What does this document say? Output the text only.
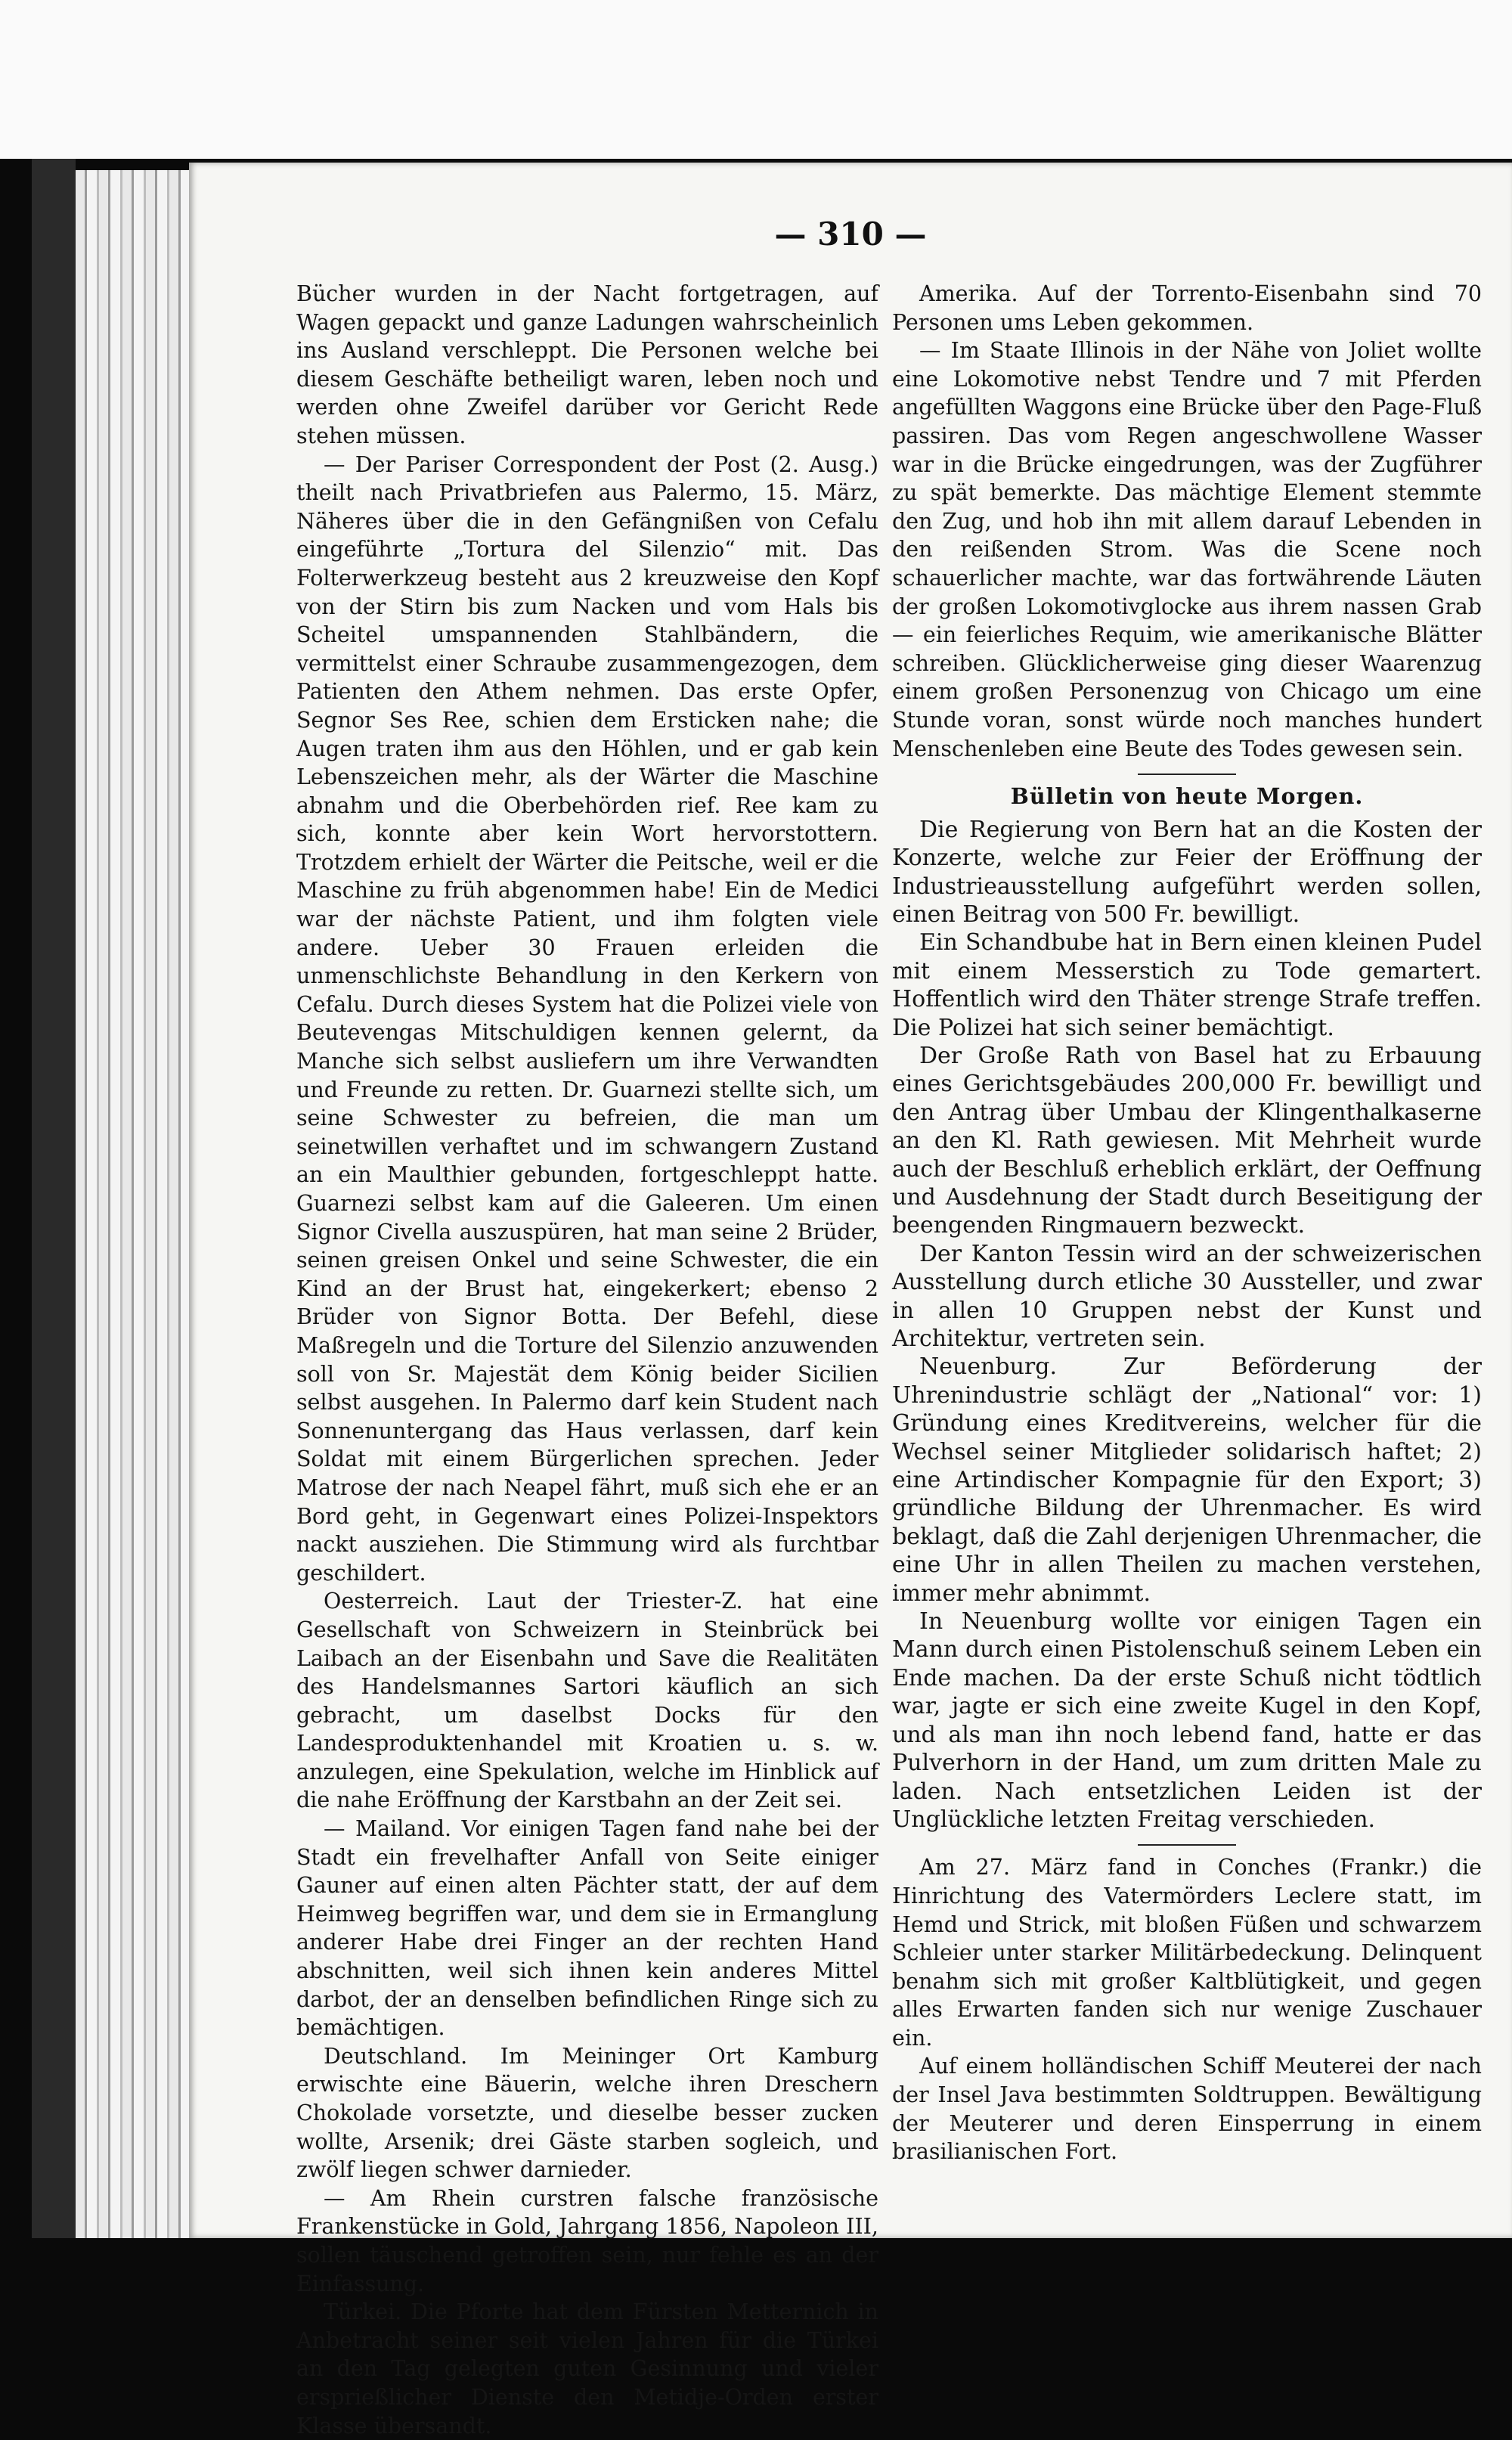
— 310 —

Bücher wurden in der Nacht fortgetragen, auf Wagen gepackt und ganze Ladungen wahrscheinlich ins Ausland verschleppt. Die Personen welche bei diesem Geschäfte betheiligt waren, leben noch und werden ohne Zweifel darüber vor Gericht Rede stehen müssen.

— Der Pariser Correspondent der Post (2. Ausg.) theilt nach Privatbriefen aus Palermo, 15. März, Näheres über die in den Gefängnißen von Cefalu eingeführte „Tortura del Silenzio“ mit. Das Folterwerkzeug besteht aus 2 kreuzweise den Kopf von der Stirn bis zum Nacken und vom Hals bis Scheitel umspannenden Stahlbändern, die vermittelst einer Schraube zusammengezogen, dem Patienten den Athem nehmen. Das erste Opfer, Segnor Ses Ree, schien dem Ersticken nahe; die Augen traten ihm aus den Höhlen, und er gab kein Lebenszeichen mehr, als der Wärter die Maschine abnahm und die Oberbehörden rief. Ree kam zu sich, konnte aber kein Wort hervorstottern. Trotzdem erhielt der Wärter die Peitsche, weil er die Maschine zu früh abgenommen habe! Ein de Medici war der nächste Patient, und ihm folgten viele andere. Ueber 30 Frauen erleiden die unmenschlichste Behandlung in den Kerkern von Cefalu. Durch dieses System hat die Polizei viele von Beutevengas Mitschuldigen kennen gelernt, da Manche sich selbst ausliefern um ihre Verwandten und Freunde zu retten. Dr. Guarnezi stellte sich, um seine Schwester zu befreien, die man um seinetwillen verhaftet und im schwangern Zustand an ein Maulthier gebunden, fortgeschleppt hatte. Guarnezi selbst kam auf die Galeeren. Um einen Signor Civella auszuspüren, hat man seine 2 Brüder, seinen greisen Onkel und seine Schwester, die ein Kind an der Brust hat, eingekerkert; ebenso 2 Brüder von Signor Botta. Der Befehl, diese Maßregeln und die Torture del Silenzio anzuwenden soll von Sr. Majestät dem König beider Sicilien selbst ausgehen. In Palermo darf kein Student nach Sonnenuntergang das Haus verlassen, darf kein Soldat mit einem Bürgerlichen sprechen. Jeder Matrose der nach Neapel fährt, muß sich ehe er an Bord geht, in Gegenwart eines Polizei-Inspektors nackt ausziehen. Die Stimmung wird als furchtbar geschildert.

Oesterreich. Laut der Triester-Z. hat eine Gesellschaft von Schweizern in Steinbrück bei Laibach an der Eisenbahn und Save die Realitäten des Handelsmannes Sartori käuflich an sich gebracht, um daselbst Docks für den Landesproduktenhandel mit Kroatien u. s. w. anzulegen, eine Spekulation, welche im Hinblick auf die nahe Eröffnung der Karstbahn an der Zeit sei.

— Mailand. Vor einigen Tagen fand nahe bei der Stadt ein frevelhafter Anfall von Seite einiger Gauner auf einen alten Pächter statt, der auf dem Heimweg begriffen war, und dem sie in Ermanglung anderer Habe drei Finger an der rechten Hand abschnitten, weil sich ihnen kein anderes Mittel darbot, der an denselben befindlichen Ringe sich zu bemächtigen.

Deutschland. Im Meininger Ort Kamburg erwischte eine Bäuerin, welche ihren Dreschern Chokolade vorsetzte, und dieselbe besser zucken wollte, Arsenik; drei Gäste starben sogleich, und zwölf liegen schwer darnieder.

— Am Rhein curstren falsche französische Frankenstücke in Gold, Jahrgang 1856, Napoleon III, sollen täuschend getroffen sein, nur fehle es an der Einfassung.

Türkei. Die Pforte hat dem Fürsten Metternich in Anbetracht seiner seit vielen Jahren für die Türkei an den Tag gelegten guten Gesinnung und vieler ersprießlicher Dienste den Metidje-Orden erster Klasse übersandt.

Amerika. Auf der Torrento-Eisenbahn sind 70 Personen ums Leben gekommen.

— Im Staate Illinois in der Nähe von Joliet wollte eine Lokomotive nebst Tendre und 7 mit Pferden angefüllten Waggons eine Brücke über den Page-Fluß passiren. Das vom Regen angeschwollene Wasser war in die Brücke eingedrungen, was der Zugführer zu spät bemerkte. Das mächtige Element stemmte den Zug, und hob ihn mit allem darauf Lebenden in den reißenden Strom. Was die Scene noch schauerlicher machte, war das fortwährende Läuten der großen Lokomotivglocke aus ihrem nassen Grab — ein feierliches Requim, wie amerikanische Blätter schreiben. Glücklicherweise ging dieser Waarenzug einem großen Personenzug von Chicago um eine Stunde voran, sonst würde noch manches hundert Menschenleben eine Beute des Todes gewesen sein.

Bülletin von heute Morgen.

Die Regierung von Bern hat an die Kosten der Konzerte, welche zur Feier der Eröffnung der Industrieausstellung aufgeführt werden sollen, einen Beitrag von 500 Fr. bewilligt.

Ein Schandbube hat in Bern einen kleinen Pudel mit einem Messerstich zu Tode gemartert. Hoffentlich wird den Thäter strenge Strafe treffen. Die Polizei hat sich seiner bemächtigt.

Der Große Rath von Basel hat zu Erbauung eines Gerichtsgebäudes 200,000 Fr. bewilligt und den Antrag über Umbau der Klingenthalkaserne an den Kl. Rath gewiesen. Mit Mehrheit wurde auch der Beschluß erheblich erklärt, der Oeffnung und Ausdehnung der Stadt durch Beseitigung der beengenden Ringmauern bezweckt.

Der Kanton Tessin wird an der schweizerischen Ausstellung durch etliche 30 Aussteller, und zwar in allen 10 Gruppen nebst der Kunst und Architektur, vertreten sein.

Neuenburg. Zur Beförderung der Uhrenindustrie schlägt der „National“ vor: 1) Gründung eines Kreditvereins, welcher für die Wechsel seiner Mitglieder solidarisch haftet; 2) eine Artindischer Kompagnie für den Export; 3) gründliche Bildung der Uhrenmacher. Es wird beklagt, daß die Zahl derjenigen Uhrenmacher, die eine Uhr in allen Theilen zu machen verstehen, immer mehr abnimmt.

In Neuenburg wollte vor einigen Tagen ein Mann durch einen Pistolenschuß seinem Leben ein Ende machen. Da der erste Schuß nicht tödtlich war, jagte er sich eine zweite Kugel in den Kopf, und als man ihn noch lebend fand, hatte er das Pulverhorn in der Hand, um zum dritten Male zu laden. Nach entsetzlichen Leiden ist der Unglückliche letzten Freitag verschieden.

Am 27. März fand in Conches (Frankr.) die Hinrichtung des Vatermörders Leclere statt, im Hemd und Strick, mit bloßen Füßen und schwarzem Schleier unter starker Militärbedeckung. Delinquent benahm sich mit großer Kaltblütigkeit, und gegen alles Erwarten fanden sich nur wenige Zuschauer ein.

Auf einem holländischen Schiff Meuterei der nach der Insel Java bestimmten Soldtruppen. Bewältigung der Meuterer und deren Einsperrung in einem brasilianischen Fort.
